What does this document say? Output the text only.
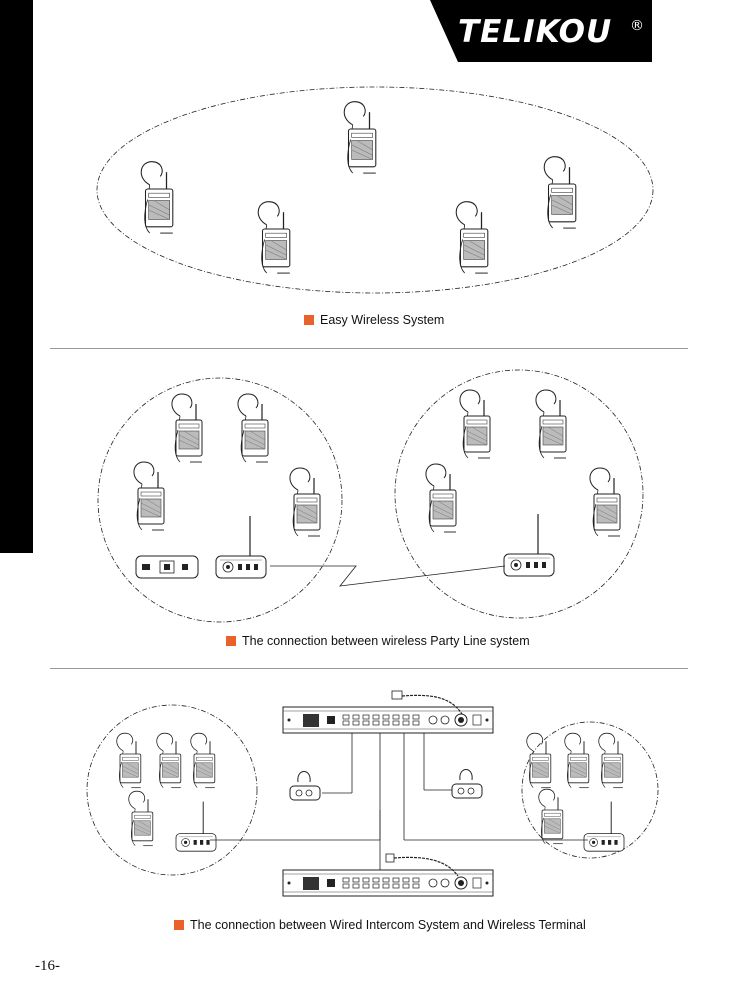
TELIKOU ®
Easy Wireless System
The connection between wireless Party Line system
The connection between Wired Intercom System and Wireless Terminal
-16-
